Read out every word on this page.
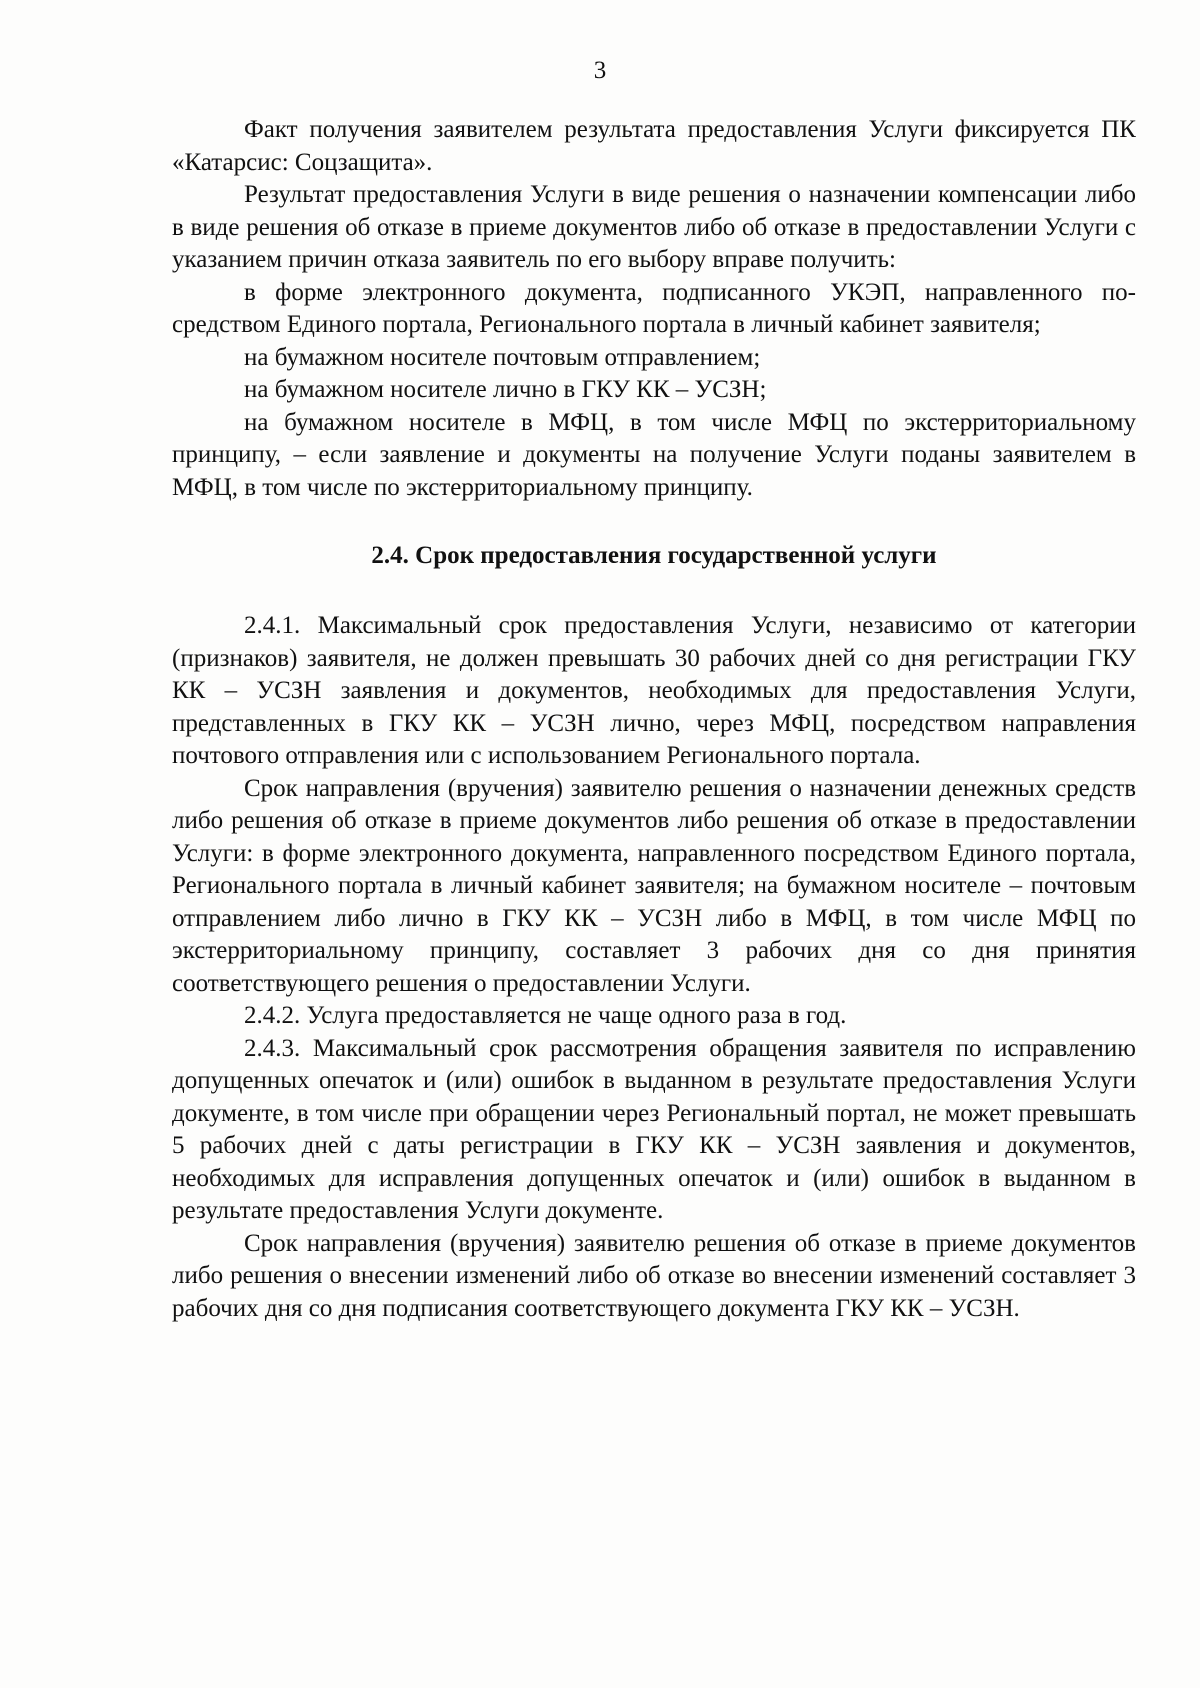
3

Факт получения заявителем результата предоставления Услуги фиксируется ПК «Катарсис: Соцзащита».

Результат предоставления Услуги в виде решения о назначении компенсации либо в виде решения об отказе в приеме документов либо об отказе в предоставлении Услуги с указанием причин отказа заявитель по его выбору вправе получить:

в форме электронного документа, подписанного УКЭП, направленного посредством Единого портала, Регионального портала в личный кабинет заявителя;

на бумажном носителе почтовым отправлением;

на бумажном носителе лично в ГКУ КК – УСЗН;

на бумажном носителе в МФЦ, в том числе МФЦ по экстерриториальному принципу, – если заявление и документы на получение Услуги поданы заявителем в МФЦ, в том числе по экстерриториальному принципу.

2.4. Срок предоставления государственной услуги

2.4.1. Максимальный срок предоставления Услуги, независимо от категории (признаков) заявителя, не должен превышать 30 рабочих дней со дня регистрации ГКУ КК – УСЗН заявления и документов, необходимых для предоставления Услуги, представленных в ГКУ КК – УСЗН лично, через МФЦ, посредством направления почтового отправления или с использованием Регионального портала.

Срок направления (вручения) заявителю решения о назначении денежных средств либо решения об отказе в приеме документов либо решения об отказе в предоставлении Услуги: в форме электронного документа, направленного посредством Единого портала, Регионального портала в личный кабинет заявителя; на бумажном носителе – почтовым отправлением либо лично в ГКУ КК – УСЗН либо в МФЦ, в том числе МФЦ по экстерриториальному принципу, составляет 3 рабочих дня со дня принятия соответствующего решения о предоставлении Услуги.

2.4.2. Услуга предоставляется не чаще одного раза в год.

2.4.3. Максимальный срок рассмотрения обращения заявителя по исправлению допущенных опечаток и (или) ошибок в выданном в результате предоставления Услуги документе, в том числе при обращении через Региональный портал, не может превышать 5 рабочих дней с даты регистрации в ГКУ КК – УСЗН заявления и документов, необходимых для исправления допущенных опечаток и (или) ошибок в выданном в результате предоставления Услуги документе.

Срок направления (вручения) заявителю решения об отказе в приеме документов либо решения о внесении изменений либо об отказе во внесении изменений составляет 3 рабочих дня со дня подписания соответствующего документа ГКУ КК – УСЗН.
